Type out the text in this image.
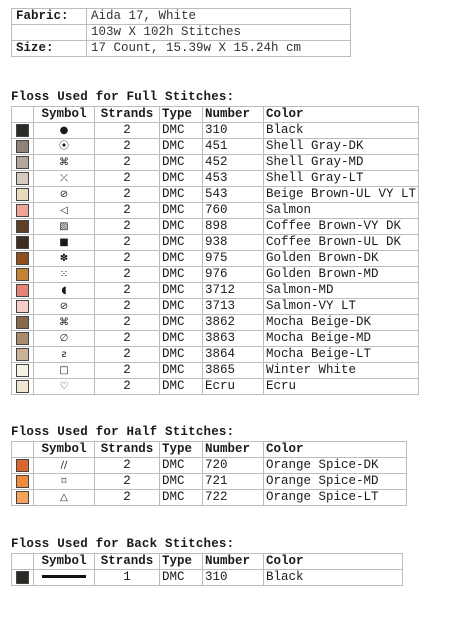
Fabric:	Aida 17, White
	103w X 102h Stitches
Size:	17 Count, 15.39w X 15.24h cm
Floss Used for Full Stitches:
	Symbol	Strands	Type	Number	Color

	●	2	DMC	310	Black

	⦿	2	DMC	451	Shell Gray-DK

	⌘	2	DMC	452	Shell Gray-MD

	⤫	2	DMC	453	Shell Gray-LT

	⊘	2	DMC	543	Beige Brown-UL VY LT

	◁	2	DMC	760	Salmon

	▨	2	DMC	898	Coffee Brown-VY DK

	■	2	DMC	938	Coffee Brown-UL DK

	✽	2	DMC	975	Golden Brown-DK

	⁙	2	DMC	976	Golden Brown-MD

	◖	2	DMC	3712	Salmon-MD

	⊘	2	DMC	3713	Salmon-VY LT

	⌘	2	DMC	3862	Mocha Beige-DK

	∅	2	DMC	3863	Mocha Beige-MD

	ƨ	2	DMC	3864	Mocha Beige-LT

	□	2	DMC	3865	Winter White

	♡	2	DMC	Ecru	Ecru
Floss Used for Half Stitches:
	Symbol	Strands	Type	Number	Color

	∕∕	2	DMC	720	Orange Spice-DK

	⌑	2	DMC	721	Orange Spice-MD

	△	2	DMC	722	Orange Spice-LT
Floss Used for Back Stitches:
	Symbol	Strands	Type	Number	Color

		1	DMC	310	Black
